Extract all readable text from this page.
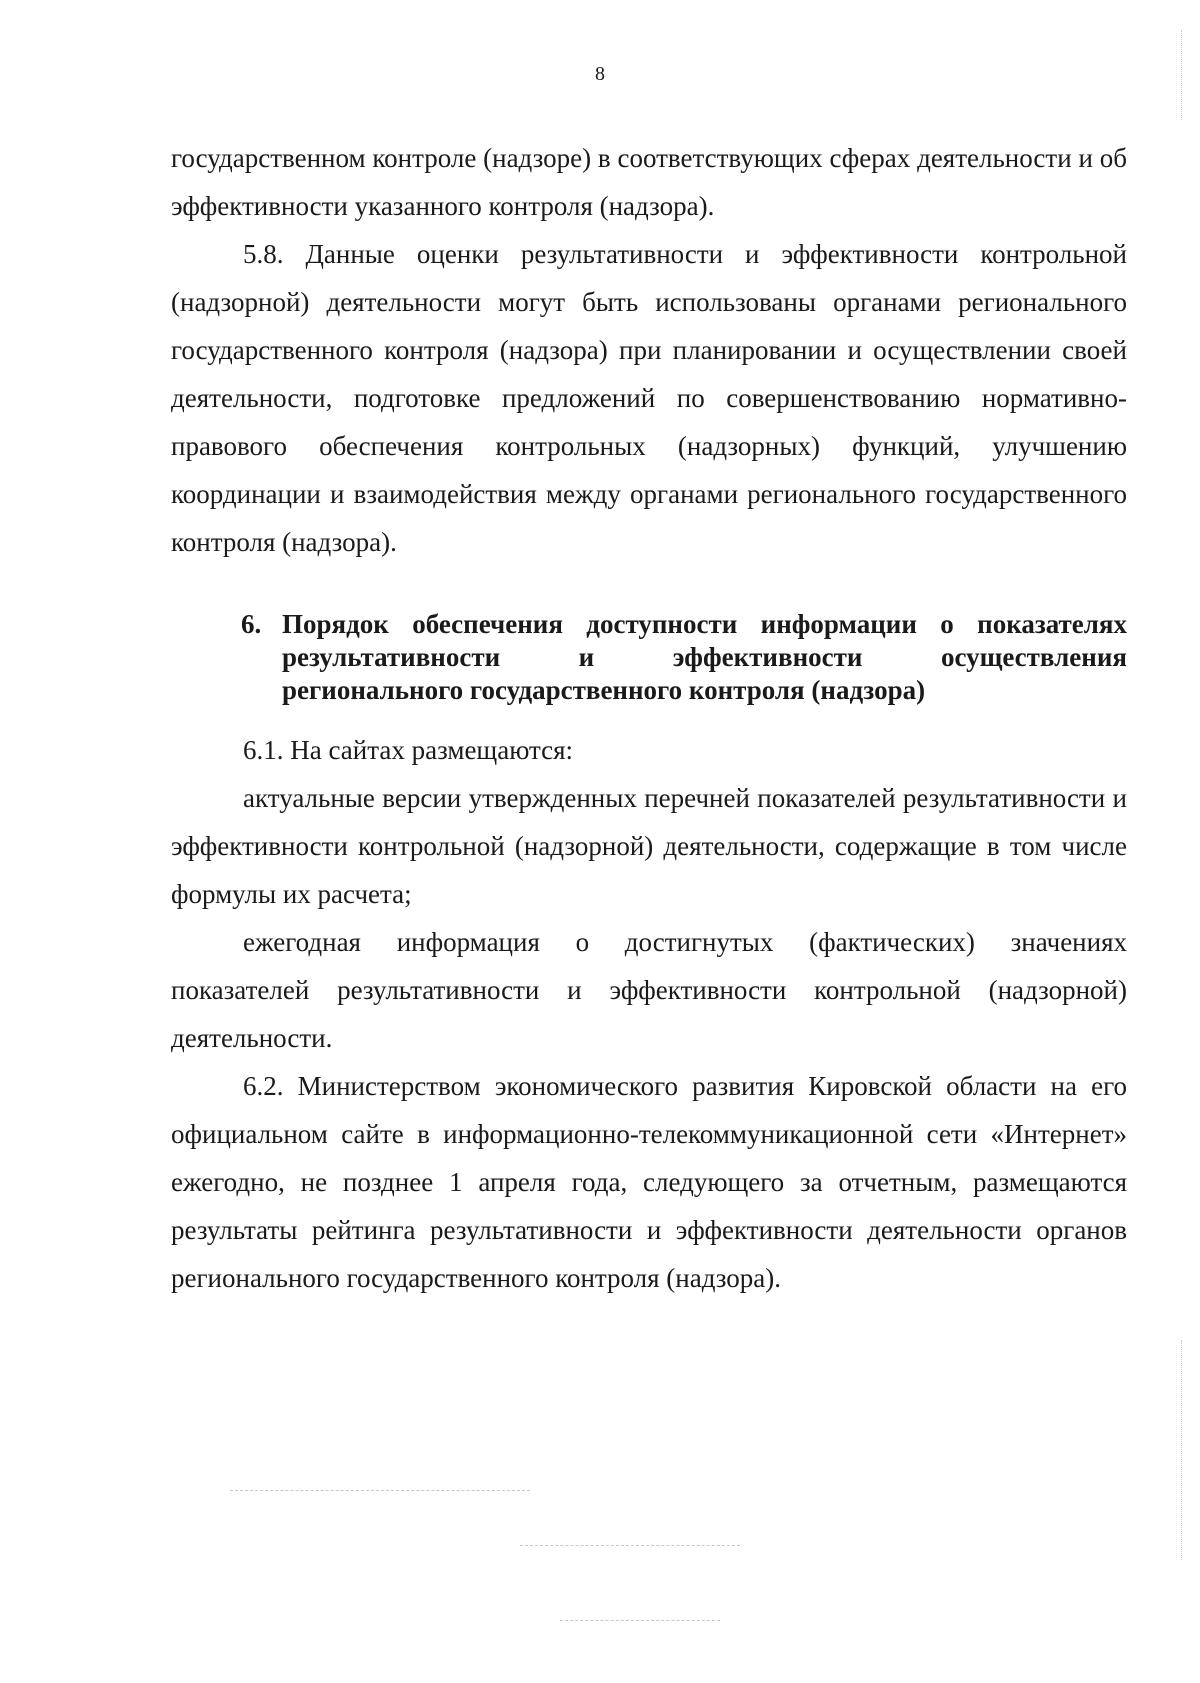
8

государственном контроле (надзоре) в соответствующих сферах деятельности и об эффективности указанного контроля (надзора).

5.8. Данные оценки результативности и эффективности контрольной (надзорной) деятельности могут быть использованы органами регионального государственного контроля (надзора) при планировании и осуществлении своей деятельности, подготовке предложений по совершенствованию нормативно-правового обеспечения контрольных (надзорных) функций, улучшению координации и взаимодействия между органами регионального государственного контроля (надзора).

6. Порядок обеспечения доступности информации о показателях
результативности и эффективности осуществления
регионального государственного контроля (надзора)

6.1. На сайтах размещаются:

актуальные версии утвержденных перечней показателей результативности и эффективности контрольной (надзорной) деятельности, содержащие в том числе формулы их расчета;

ежегодная информация о достигнутых (фактических) значениях показателей результативности и эффективности контрольной (надзорной) деятельности.

6.2. Министерством экономического развития Кировской области на его официальном сайте в информационно-телекоммуникационной сети «Интернет» ежегодно, не позднее 1 апреля года, следующего за отчетным, размещаются результаты рейтинга результативности и эффективности деятельности органов регионального государственного контроля (надзора).
